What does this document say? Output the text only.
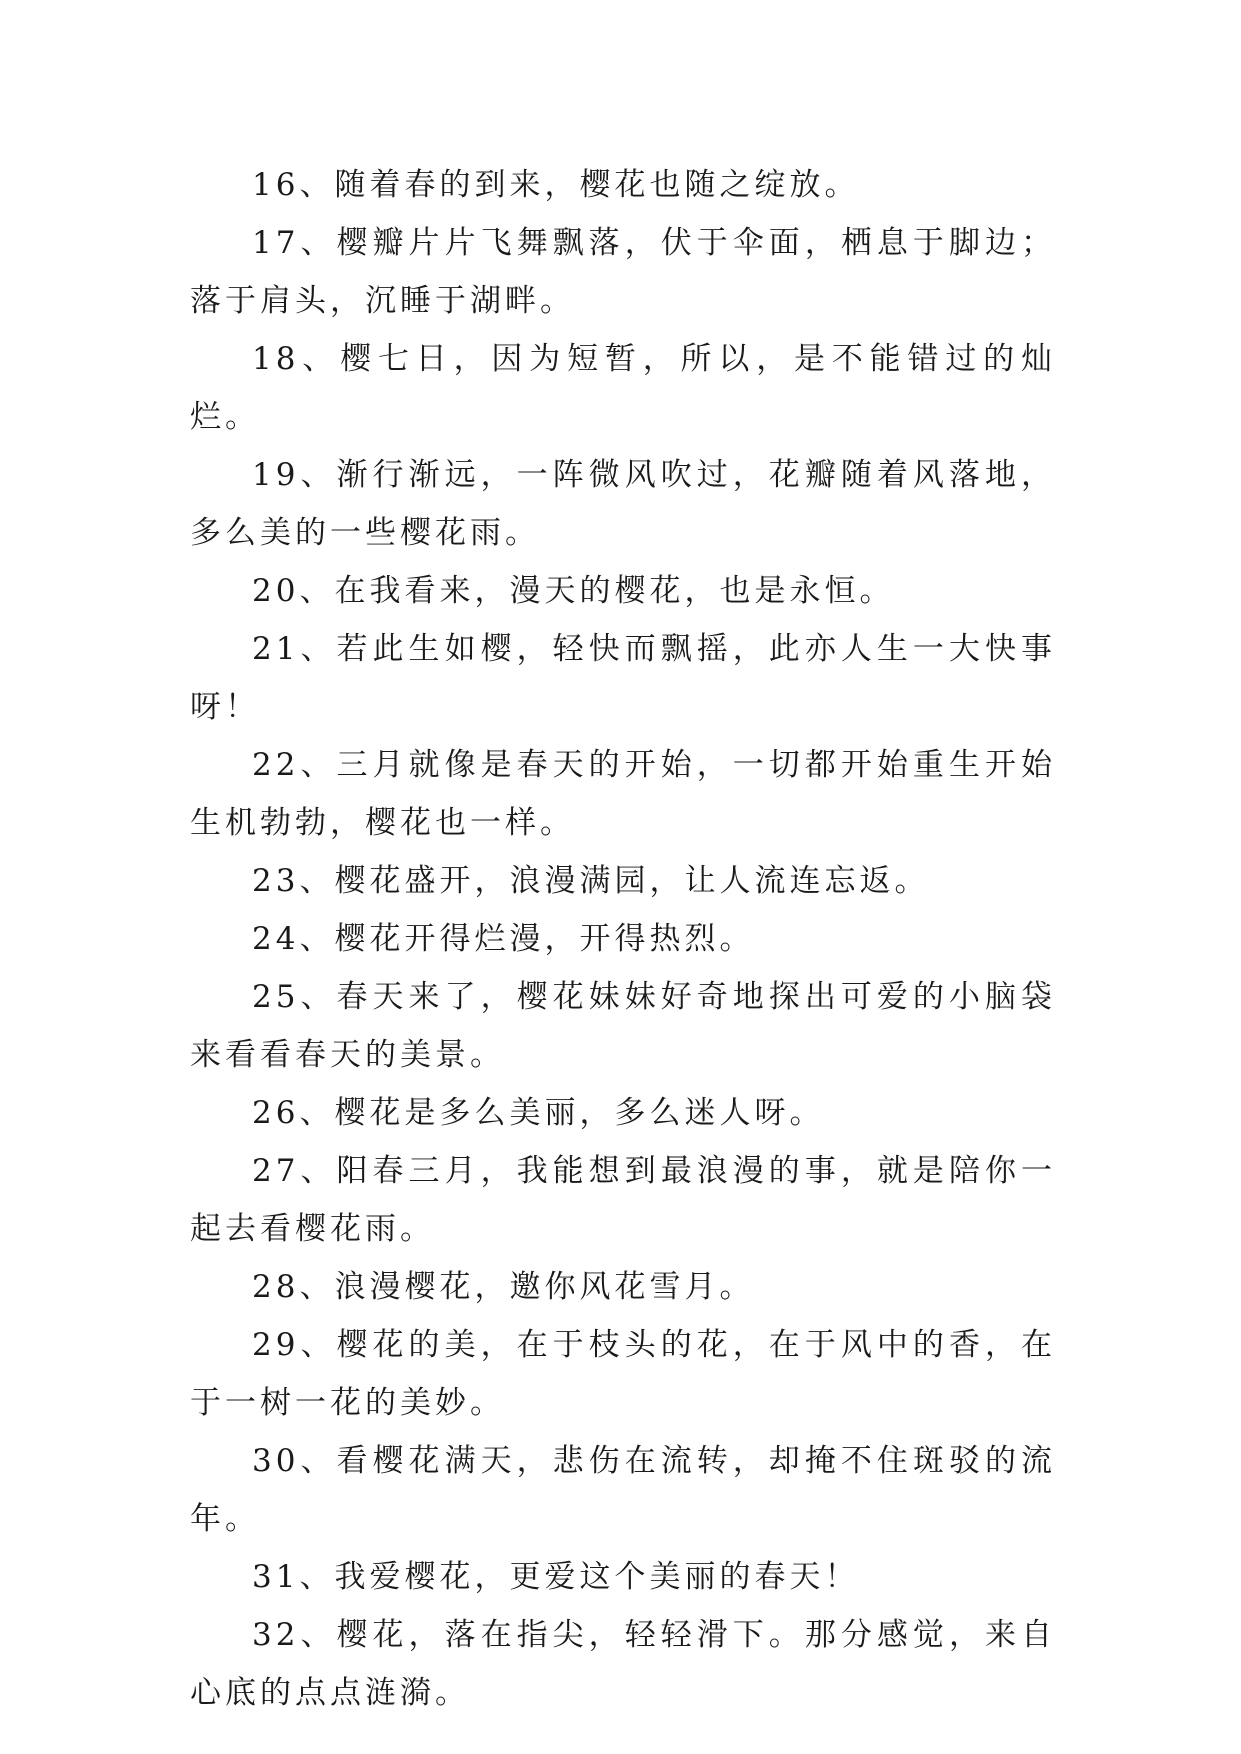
16、随着春的到来，樱花也随之绽放。

17、樱瓣片片飞舞飘落，伏于伞面，栖息于脚边；落于肩头，沉睡于湖畔。

18、樱七日，因为短暂，所以，是不能错过的灿烂。

19、渐行渐远，一阵微风吹过，花瓣随着风落地，多么美的一些樱花雨。

20、在我看来，漫天的樱花，也是永恒。

21、若此生如樱，轻快而飘摇，此亦人生一大快事呀！

22、三月就像是春天的开始，一切都开始重生开始生机勃勃，樱花也一样。

23、樱花盛开，浪漫满园，让人流连忘返。

24、樱花开得烂漫，开得热烈。

25、春天来了，樱花妹妹好奇地探出可爱的小脑袋来看看春天的美景。

26、樱花是多么美丽，多么迷人呀。

27、阳春三月，我能想到最浪漫的事，就是陪你一起去看樱花雨。

28、浪漫樱花，邀你风花雪月。

29、樱花的美，在于枝头的花，在于风中的香，在于一树一花的美妙。

30、看樱花满天，悲伤在流转，却掩不住斑驳的流年。

31、我爱樱花，更爱这个美丽的春天！

32、樱花，落在指尖，轻轻滑下。那分感觉，来自心底的点点涟漪。
